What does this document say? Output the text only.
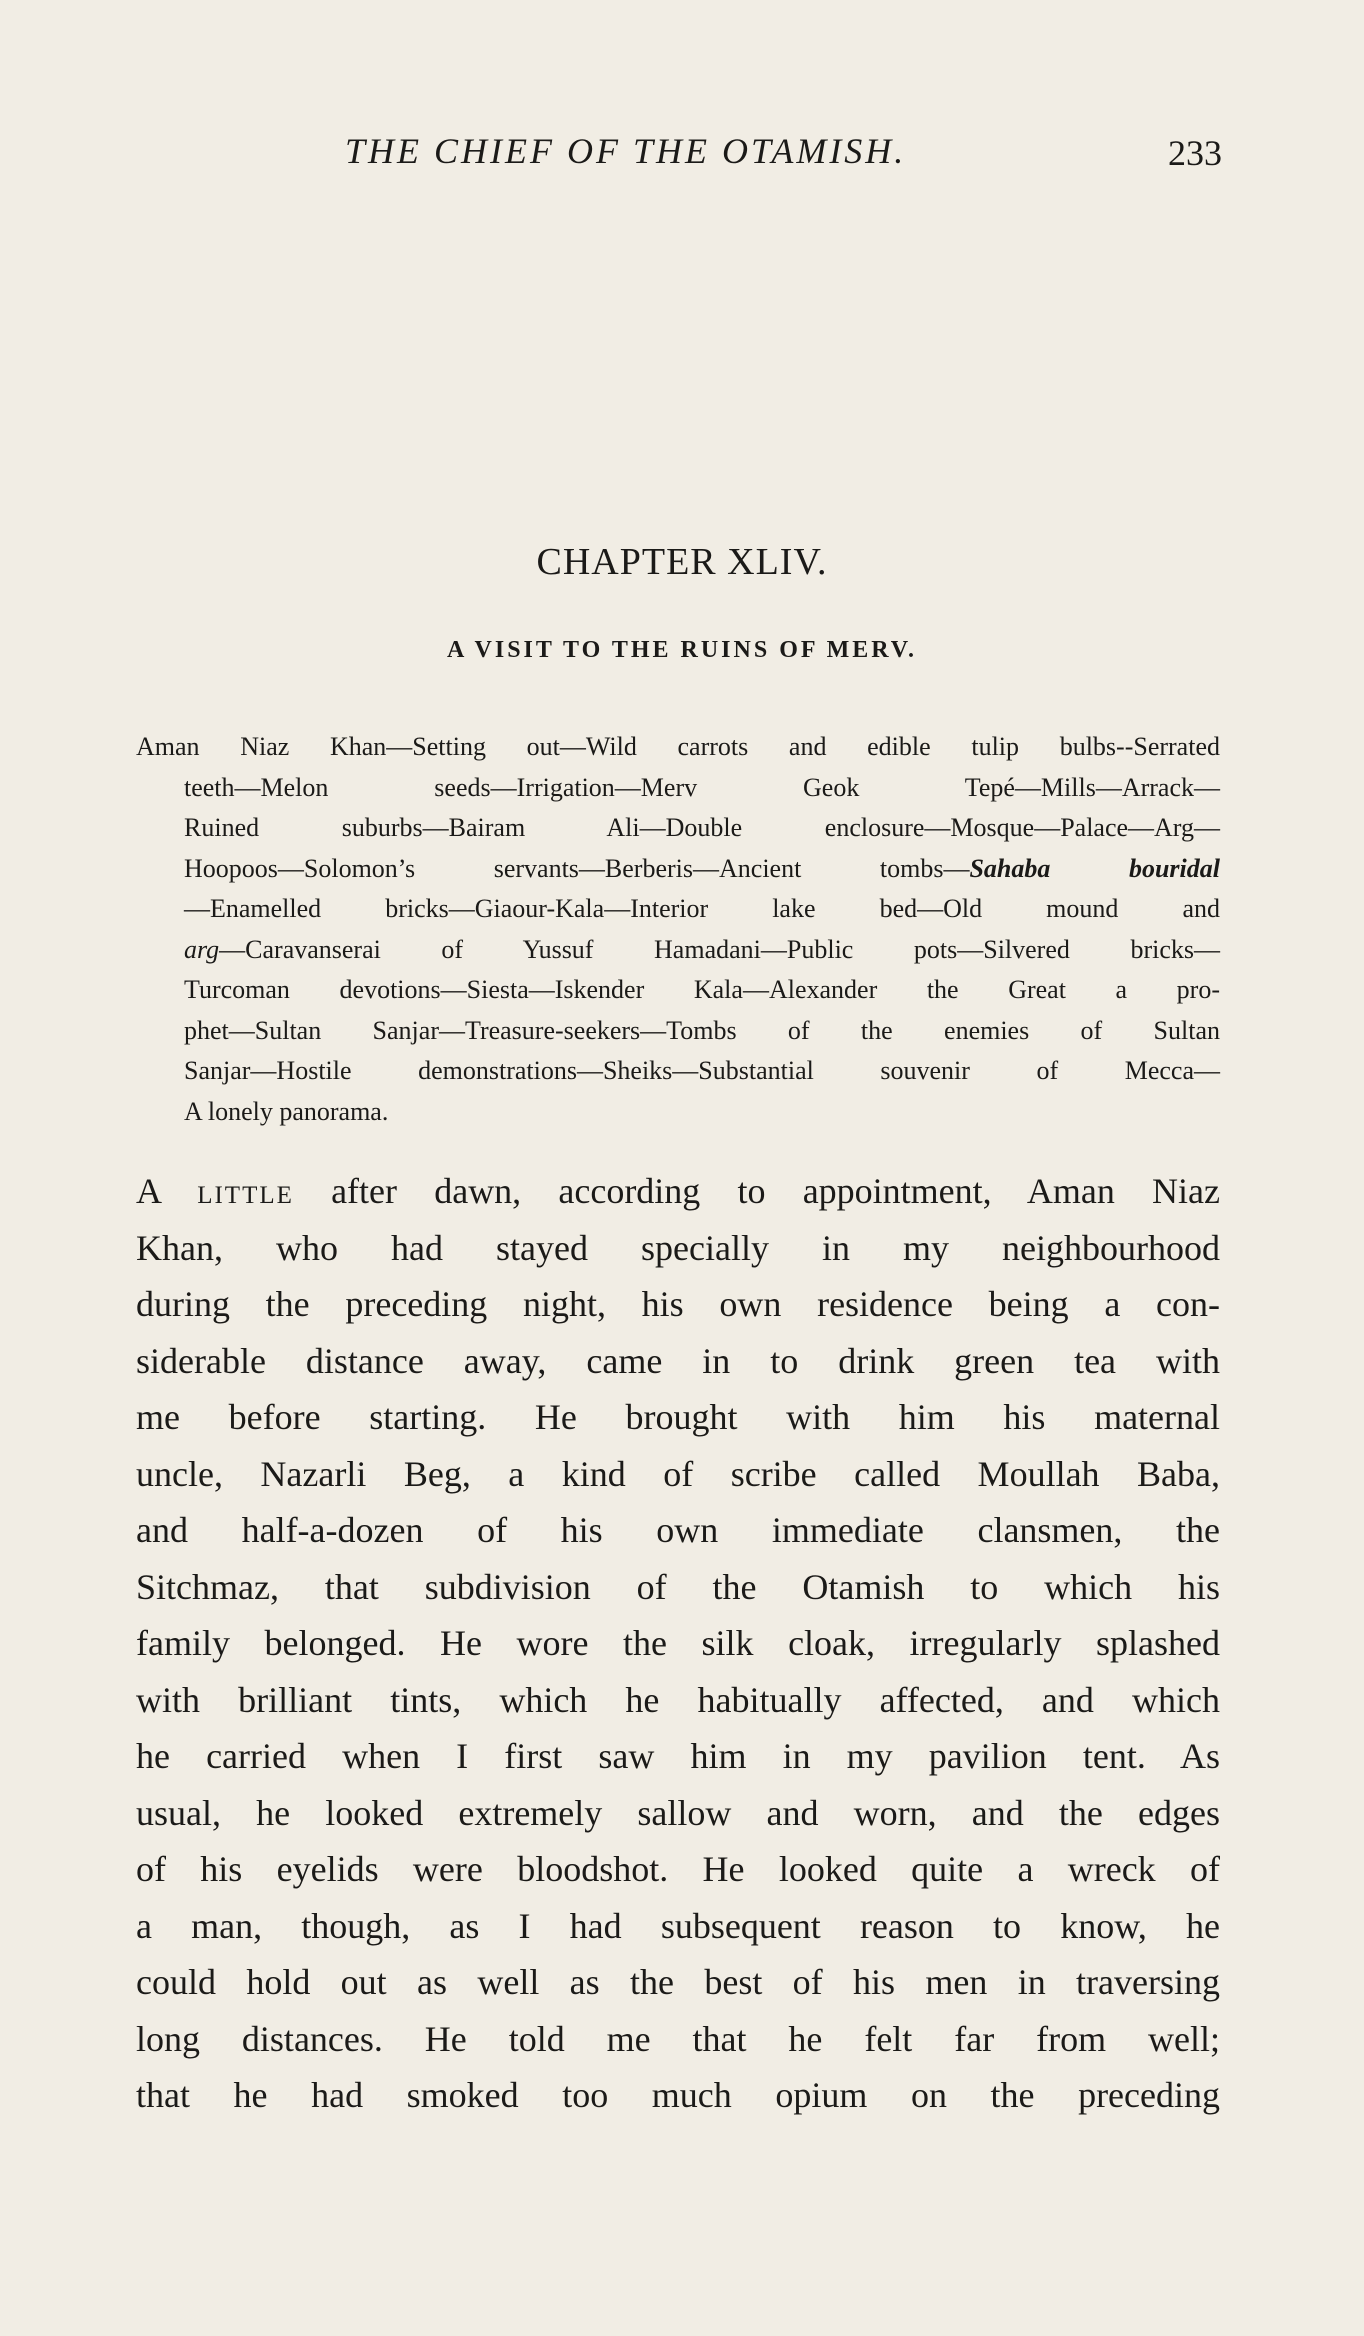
THE CHIEF OF THE OTAMISH.	233
CHAPTER XLIV.
A VISIT TO THE RUINS OF MERV.
Aman Niaz Khan—Setting out—Wild carrots and edible tulip bulbs--Serrated
teeth—Melon seeds—Irrigation—Merv Geok Tepé—Mills—Arrack—
Ruined suburbs—Bairam Ali—Double enclosure—Mosque—Palace—Arg—
Hoopoos—Solomon’s servants—Berberis—Ancient tombs—Sahaba bouridal
—Enamelled bricks—Giaour-Kala—Interior lake bed—Old mound and
arg—Caravanserai of Yussuf Hamadani—Public pots—Silvered bricks—
Turcoman devotions—Siesta—Iskender Kala—Alexander the Great a pro-
phet—Sultan Sanjar—Treasure-seekers—Tombs of the enemies of Sultan
Sanjar—Hostile demonstrations—Sheiks—Substantial souvenir of Mecca—
A lonely panorama.
A little after dawn, according to appointment, Aman Niaz
Khan, who had stayed specially in my neighbourhood
during the preceding night, his own residence being a con-
siderable distance away, came in to drink green tea with
me before starting. He brought with him his maternal
uncle, Nazarli Beg, a kind of scribe called Moullah Baba,
and half-a-dozen of his own immediate clansmen, the
Sitchmaz, that subdivision of the Otamish to which his
family belonged. He wore the silk cloak, irregularly splashed
with brilliant tints, which he habitually affected, and which
he carried when I first saw him in my pavilion tent. As
usual, he looked extremely sallow and worn, and the edges
of his eyelids were bloodshot. He looked quite a wreck of
a man, though, as I had subsequent reason to know, he
could hold out as well as the best of his men in traversing
long distances. He told me that he felt far from well;
that he had smoked too much opium on the preceding
